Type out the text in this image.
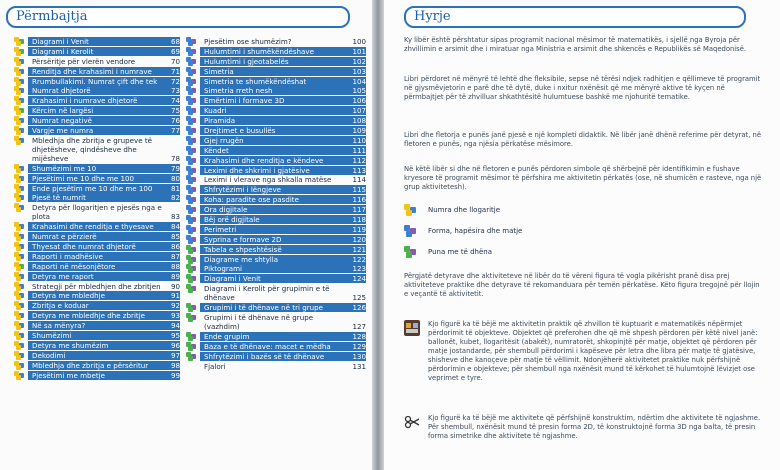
Përmbajtja
Diagrami i Venit	68
Diagrami i Kerolit	69
Përsëritje për vlerën vendore	70
Renditja dhe krahasimi i numrave	71
Rrumbullakimi. Numrat çift dhe tek	72
Numrat dhjetorë	73
Krahasimi i numrave dhjetorë	74
Kërcim në largësi	75
Numrat negativë	76
Vargje me numra	77
Mbledhja dhe zbritja e grupeve të dhjetësheve, qindësheve dhe mijësheve	78
Shumëzimi me 10	79
Pjesëtimi me 10 dhe me 100	80
Ende pjesëtim me 10 dhe me 100	81
Pjesë të numrit	82
Detyra për llogaritjen e pjesës nga e plota	83
Krahasimi dhe renditja e thyesave	84
Numrat e përzierë	85
Thyesat dhe numrat dhjetorë	86
Raporti i madhësive	87
Raporti në mësonjëtore	88
Detyra me raport	89
Strategji për mbledhjen dhe zbritjen	90
Detyra me mbledhje	91
Zbritja e koduar	92
Detyra me mbledhje dhe zbritje	93
Në sa mënyra?	94
Shumëzimi	95
Detyra me shumëzim	96
Dekodimi	97
Mbledhja dhe zbritja e përsëritur	98
Pjesëtimi me mbetje	99
Pjesëtim ose shumëzim?	100
Hulumtimi i shumëkëndëshave	101
Hulumtimi i gjeotabelës	102
Simetria	103
Simetria te shumëkëndëshat	104
Simetria rreth nesh	105
Emërtimi i formave 3D	106
Kuadri	107
Piramida	108
Drejtimet e busullës	109
Gjej rrugën	110
Këndet	111
Krahasimi dhe renditja e këndeve	112
Leximi dhe shkrimi i gjatësive	113
Leximi i vlerave nga shkalla matëse	114
Shfrytëzimi i lëngjeve	115
Koha: paradite ose pasdite	116
Ora digjitale	117
Bëj orë digjitale	118
Perimetri	119
Syprina e formave 2D	120
Tabela e shpeshtësisë	121
Diagrame me shtylla	122
Piktogrami	123
Diagrami i Venit	124
Diagrami i Kerolit për grupimin e të dhënave	125
Grupimi i të dhënave në tri grupe	126
Grupimi i të dhënave në grupe (vazhdim)	127
Ende grupim	128
Baza e të dhënave: macet e mëdha	129
Shfrytëzimi i bazës së të dhënave	130
Fjalori	131
Hyrje
Ky libër është përshtatur sipas programit nacional mësimor të matematikës, i sjellë nga Byroja për zhvillimin e arsimit dhe i miratuar nga Ministria e arsimit dhe shkencës e Republikës së Maqedonisë.
Libri përdoret në mënyrë të lehtë dhe fleksibile, sepse në tërësi ndjek radhitjen e qëllimeve të programit në gjysmëvjetorin e parë dhe të dytë, duke i nxitur nxënësit që me mënyrë aktive të kyçen në përmbajtjet për të zhvilluar shkathtësitë hulumtuese bashkë me njohuritë tematike.
Libri dhe fletorja e punës janë pjesë e një kompleti didaktik. Në libër janë dhënë referime për detyrat, në fletoren e punës, nga njësia përkatëse mësimore.
Në këtë libër si dhe në fletoren e punës përdoren simbole që shërbejnë për identifikimin e fushave kryesore të programit mësimor të përfshira me aktivitetin përkatës (ose, në shumicën e rasteve, nga një grup aktivitetesh).
Numra dhe llogaritje
Forma, hapësira dhe matje
Puna me të dhëna
Përgjatë detyrave dhe aktiviteteve në libër do të vëreni figura të vogla pikërisht pranë disa prej aktiviteteve praktike dhe detyrave të rekomanduara për temën përkatëse. Këto figura tregojnë për llojin e veçantë të aktivitetit.
Kjo figurë ka të bëjë me aktivitetin praktik që zhvillon të kuptuarit e matematikës nëpërmjet përdorimit të objekteve. Objektet që preferohen dhe që më shpesh përdoren për këtë nivel janë: ballonët, kubet, llogaritësit (abakët), numratorët, shkopinjtë për matje, objektet që përdoren për matje jostandarde, për shembull përdorimi i kapëseve për letra dhe libra për matje të gjatësive, shisheve dhe kanoçeve për matje të vëllimit. Ndonjëherë aktivitetet praktike nuk përfshijnë përdorimin e objekteve; për shembull nga nxënësit mund të kërkohet të hulumtojnë lëvizjet ose veprimet e tyre.
Kjo figurë ka të bëjë me aktivitete që përfshijnë konstruktim, ndërtim dhe aktivitete të ngjashme. Për shembull, nxënësit mund të presin forma 2D, të konstruktojnë forma 3D nga balta, të presin forma simetrike dhe aktivitete të ngjashme.
